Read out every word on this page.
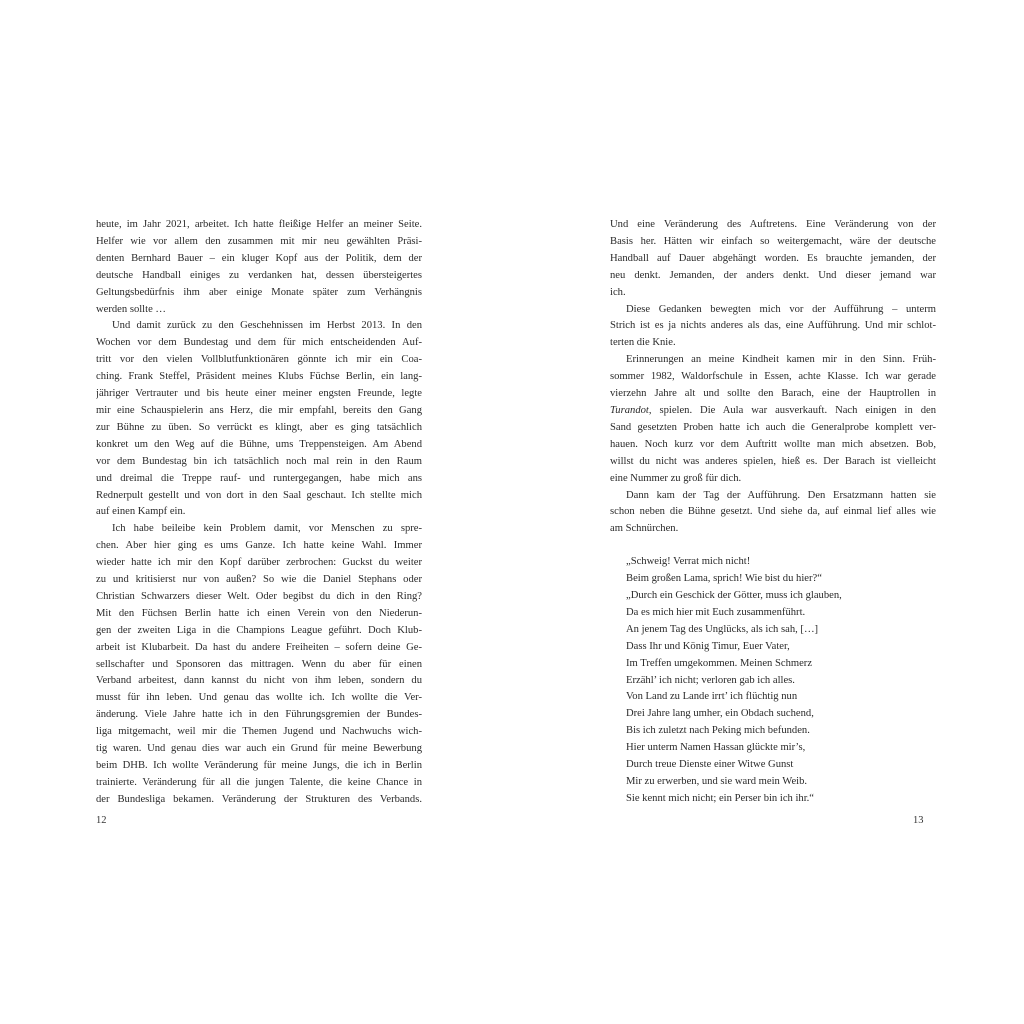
heute, im Jahr 2021, arbeitet. Ich hatte fleißige Helfer an meiner Seite.
Helfer wie vor allem den zusammen mit mir neu gewählten Präsi-
denten Bernhard Bauer – ein kluger Kopf aus der Politik, dem der
deutsche Handball einiges zu verdanken hat, dessen übersteigertes
Geltungsbedürfnis ihm aber einige Monate später zum Verhängnis
werden sollte …

Und damit zurück zu den Geschehnissen im Herbst 2013. In den
Wochen vor dem Bundestag und dem für mich entscheidenden Auf-
tritt vor den vielen Vollblutfunktionären gönnte ich mir ein Coa-
ching. Frank Steffel, Präsident meines Klubs Füchse Berlin, ein lang-
jähriger Vertrauter und bis heute einer meiner engsten Freunde, legte
mir eine Schauspielerin ans Herz, die mir empfahl, bereits den Gang
zur Bühne zu üben. So verrückt es klingt, aber es ging tatsächlich
konkret um den Weg auf die Bühne, ums Treppensteigen. Am Abend
vor dem Bundestag bin ich tatsächlich noch mal rein in den Raum
und dreimal die Treppe rauf- und runtergegangen, habe mich ans
Rednerpult gestellt und von dort in den Saal geschaut. Ich stellte mich
auf einen Kampf ein.

Ich habe beileibe kein Problem damit, vor Menschen zu spre-
chen. Aber hier ging es ums Ganze. Ich hatte keine Wahl. Immer
wieder hatte ich mir den Kopf darüber zerbrochen: Guckst du weiter
zu und kritisierst nur von außen? So wie die Daniel Stephans oder
Christian Schwarzers dieser Welt. Oder begibst du dich in den Ring?
Mit den Füchsen Berlin hatte ich einen Verein von den Niederun-
gen der zweiten Liga in die Champions League geführt. Doch Klub-
arbeit ist Klubarbeit. Da hast du andere Freiheiten – sofern deine Ge-
sellschafter und Sponsoren das mittragen. Wenn du aber für einen
Verband arbeitest, dann kannst du nicht von ihm leben, sondern du
musst für ihn leben. Und genau das wollte ich. Ich wollte die Ver-
änderung. Viele Jahre hatte ich in den Führungsgremien der Bundes-
liga mitgemacht, weil mir die Themen Jugend und Nachwuchs wich-
tig waren. Und genau dies war auch ein Grund für meine Bewerbung
beim DHB. Ich wollte Veränderung für meine Jungs, die ich in Berlin
trainierte. Veränderung für all die jungen Talente, die keine Chance in
der Bundesliga bekamen. Veränderung der Strukturen des Verbands.

12

Und eine Veränderung des Auftretens. Eine Veränderung von der
Basis her. Hätten wir einfach so weitergemacht, wäre der deutsche
Handball auf Dauer abgehängt worden. Es brauchte jemanden, der
neu denkt. Jemanden, der anders denkt. Und dieser jemand war
ich.

Diese Gedanken bewegten mich vor der Aufführung – unterm
Strich ist es ja nichts anderes als das, eine Aufführung. Und mir schlot-
terten die Knie.

Erinnerungen an meine Kindheit kamen mir in den Sinn. Früh-
sommer 1982, Waldorfschule in Essen, achte Klasse. Ich war gerade
vierzehn Jahre alt und sollte den Barach, eine der Hauptrollen in
Turandot, spielen. Die Aula war ausverkauft. Nach einigen in den
Sand gesetzten Proben hatte ich auch die Generalprobe komplett ver-
hauen. Noch kurz vor dem Auftritt wollte man mich absetzen. Bob,
willst du nicht was anderes spielen, hieß es. Der Barach ist vielleicht
eine Nummer zu groß für dich.

Dann kam der Tag der Aufführung. Den Ersatzmann hatten sie
schon neben die Bühne gesetzt. Und siehe da, auf einmal lief alles wie
am Schnürchen.

„Schweig! Verrat mich nicht!
Beim großen Lama, sprich! Wie bist du hier?“
„Durch ein Geschick der Götter, muss ich glauben,
Da es mich hier mit Euch zusammenführt.
An jenem Tag des Unglücks, als ich sah, […]
Dass Ihr und König Timur, Euer Vater,
Im Treffen umgekommen. Meinen Schmerz
Erzähl’ ich nicht; verloren gab ich alles.
Von Land zu Lande irrt’ ich flüchtig nun
Drei Jahre lang umher, ein Obdach suchend,
Bis ich zuletzt nach Peking mich befunden.
Hier unterm Namen Hassan glückte mir’s,
Durch treue Dienste einer Witwe Gunst
Mir zu erwerben, und sie ward mein Weib.
Sie kennt mich nicht; ein Perser bin ich ihr.“
13
